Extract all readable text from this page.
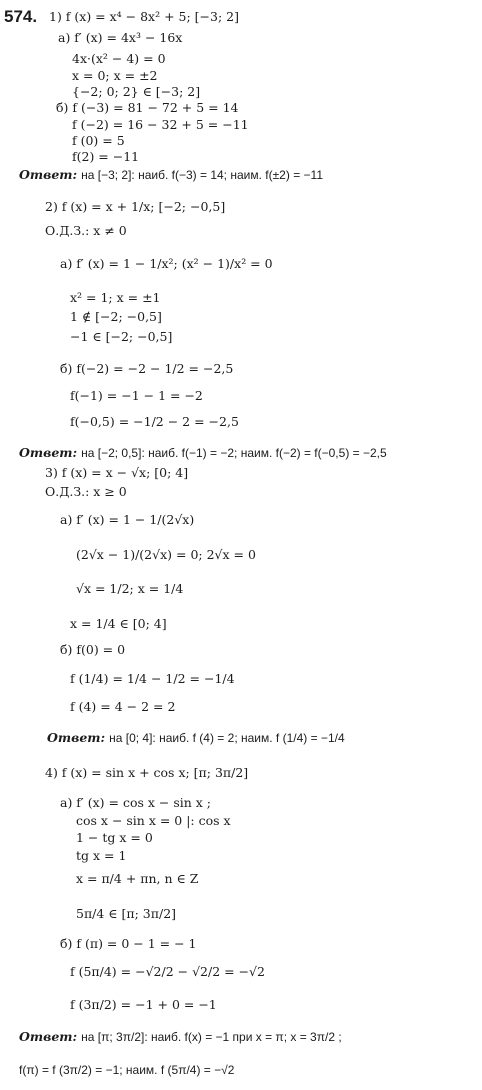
574. 1) f (x) = x⁴ − 8x² + 5; [−3; 2]
а) f′ (x) = 4x³ − 16x
4x·(x² − 4) = 0
x = 0; x = ±2
{−2; 0; 2} ∈ [−3; 2]
б) f (−3) = 81 − 72 + 5 = 14
f (−2) = 16 − 32 + 5 = −11
f (0) = 5
f(2) = −11
Ответ: на [−3; 2]: наиб. f(−3) = 14; наим. f(±2) = −11
2) f (x) = x + 1/x; [−2; −0,5]
О.Д.З.: x ≠ 0
а) f′ (x) = 1 − 1/x²; (x² − 1)/x² = 0
x² = 1; x = ±1
1 ∉ [−2; −0,5]
−1 ∈ [−2; −0,5]
б) f(−2) = −2 − 1/2 = −2,5
f(−1) = −1 − 1 = −2
f(−0,5) = −1/2 − 2 = −2,5
Ответ: на [−2; 0,5]: наиб. f(−1) = −2; наим. f(−2) = f(−0,5) = −2,5
3) f (x) = x − √x; [0; 4]
О.Д.З.: x ≥ 0
а) f′ (x) = 1 − 1/(2√x)
(2√x − 1)/(2√x) = 0; 2√x = 0
√x = 1/2; x = 1/4
x = 1/4 ∈ [0; 4]
б) f(0) = 0
f (1/4) = 1/4 − 1/2 = −1/4
f (4) = 4 − 2 = 2
Ответ: на [0; 4]: наиб. f (4) = 2; наим. f (1/4) = −1/4
4) f (x) = sin x + cos x; [π; 3π/2]
а) f′ (x) = cos x − sin x ;
cos x − sin x = 0 |: cos x
1 − tg x = 0
tg x = 1
x = π/4 + πn, n ∈ Z
5π/4 ∈ [π; 3π/2]
б) f (π) = 0 − 1 = − 1
f (5π/4) = −√2/2 − √2/2 = −√2
f (3π/2) = −1 + 0 = −1
Ответ: на [π; 3π/2]: наиб. f(x) = −1 при x = π; x = 3π/2 ;
f(π) = f (3π/2) = −1; наим. f (5π/4) = −√2
